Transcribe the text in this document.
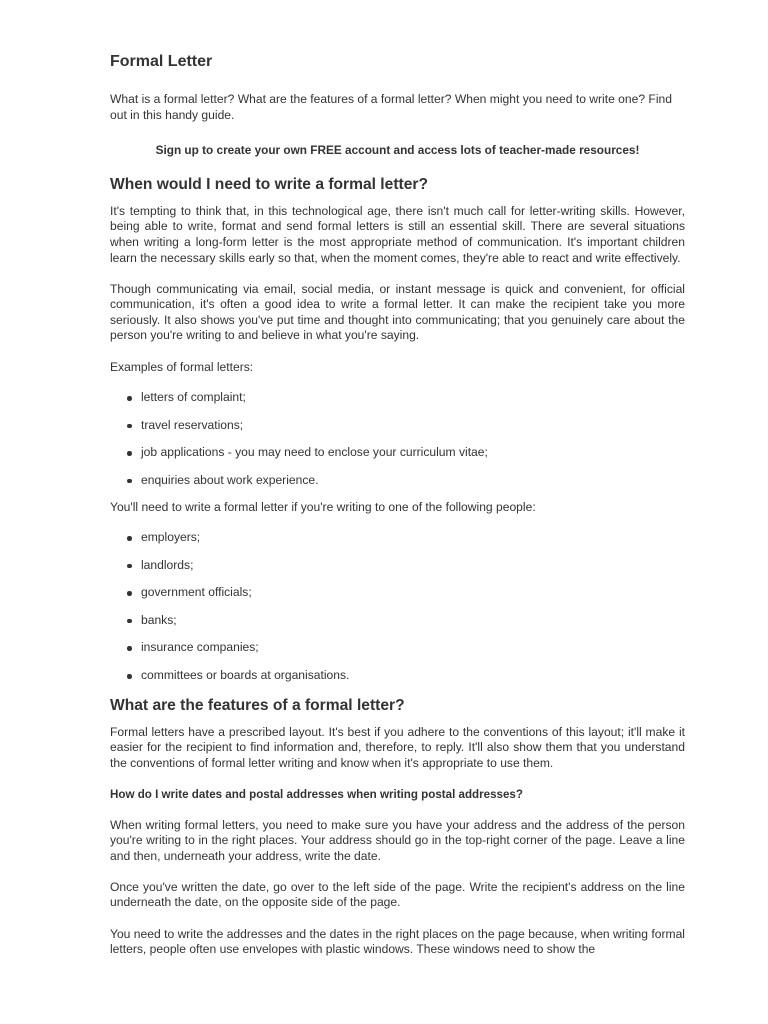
Formal Letter

What is a formal letter? What are the features of a formal letter? When might you need to write one? Find out in this handy guide.

Sign up to create your own FREE account and access lots of teacher-made resources!

When would I need to write a formal letter?

It's tempting to think that, in this technological age, there isn't much call for letter-writing skills. However, being able to write, format and send formal letters is still an essential skill. There are several situations when writing a long-form letter is the most appropriate method of communication. It's important children learn the necessary skills early so that, when the moment comes, they're able to react and write effectively.

Though communicating via email, social media, or instant message is quick and convenient, for official communication, it's often a good idea to write a formal letter. It can make the recipient take you more seriously. It also shows you've put time and thought into communicating; that you genuinely care about the person you're writing to and believe in what you're saying.

Examples of formal letters:

letters of complaint;
travel reservations;
job applications - you may need to enclose your curriculum vitae;
enquiries about work experience.

You'll need to write a formal letter if you're writing to one of the following people:

employers;
landlords;
government officials;
banks;
insurance companies;
committees or boards at organisations.
What are the features of a formal letter?

Formal letters have a prescribed layout. It's best if you adhere to the conventions of this layout; it'll make it easier for the recipient to find information and, therefore, to reply. It'll also show them that you understand the conventions of formal letter writing and know when it's appropriate to use them.

How do I write dates and postal addresses when writing postal addresses?

When writing formal letters, you need to make sure you have your address and the address of the person you're writing to in the right places. Your address should go in the top-right corner of the page. Leave a line and then, underneath your address, write the date.

Once you've written the date, go over to the left side of the page. Write the recipient's address on the line underneath the date, on the opposite side of the page.

You need to write the addresses and the dates in the right places on the page because, when writing formal letters, people often use envelopes with plastic windows. These windows need to show the
